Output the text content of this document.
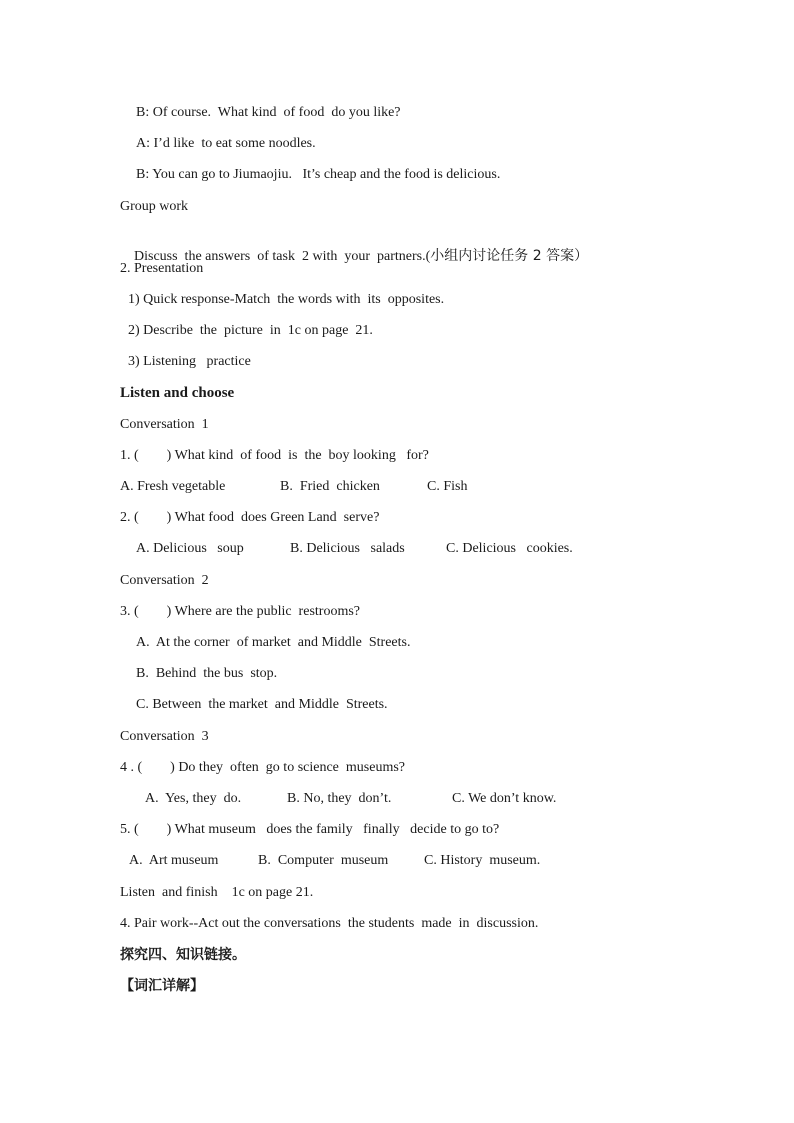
B: Of course.  What kind  of food  do you like?
A: I’d like  to eat some noodles.
B: You can go to Jiumaojiu.   It’s cheap and the food is delicious.
Group work

Discuss  the answers  of task  2 with  your  partners.(小组内讨论任务 2 答案）

2. Presentation
1) Quick response-Match  the words with  its  opposites.
2) Describe  the  picture  in  1c on page  21.
3) Listening   practice
Listen and choose
Conversation  1
1. (        ) What kind  of food  is  the  boy looking   for?
A. Fresh vegetable	B.  Fried  chicken	C. Fish
2. (        ) What food  does Green Land  serve?
A. Delicious   soup	B. Delicious   salads	C. Delicious   cookies.
Conversation  2
3. (        ) Where are the public  restrooms?
A.  At the corner  of market  and Middle  Streets.
B.  Behind  the bus  stop.
C. Between  the market  and Middle  Streets.
Conversation  3
4 . (        ) Do they  often  go to science  museums?
A.  Yes, they  do.	B. No, they  don’t.	C. We don’t know.
5. (        ) What museum   does the family   finally   decide to go to?
A.  Art museum	B.  Computer  museum	C. History  museum.
Listen  and finish    1c on page 21.
4. Pair work--Act out the conversations  the students  made  in  discussion.
探究四、知识链接。
【词汇详解】
